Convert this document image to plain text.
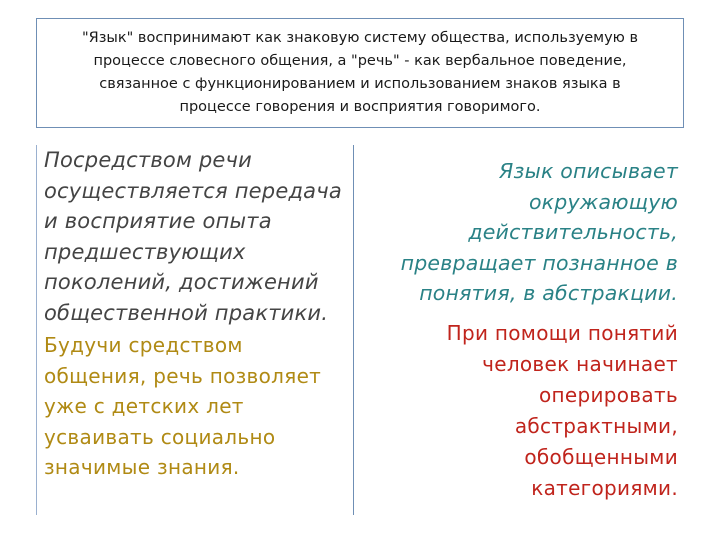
"Язык" воспринимают как знаковую систему общества, используемую в
процессе словесного общения, а "речь" - как вербальное поведение,
связанное с функционированием и использованием знаков языка в
процессе говорения и восприятия говоримого.
Посредством речи
осуществляется передача
и восприятие опыта
предшествующих
поколений, достижений
общественной практики.
Будучи средством
общения, речь позволяет
уже с детских лет
усваивать социально
значимые знания.
Язык описывает
окружающую
действительность,
превращает познанное в
понятия, в абстракции.
При помощи понятий
человек начинает
оперировать
абстрактными,
обобщенными
категориями.
